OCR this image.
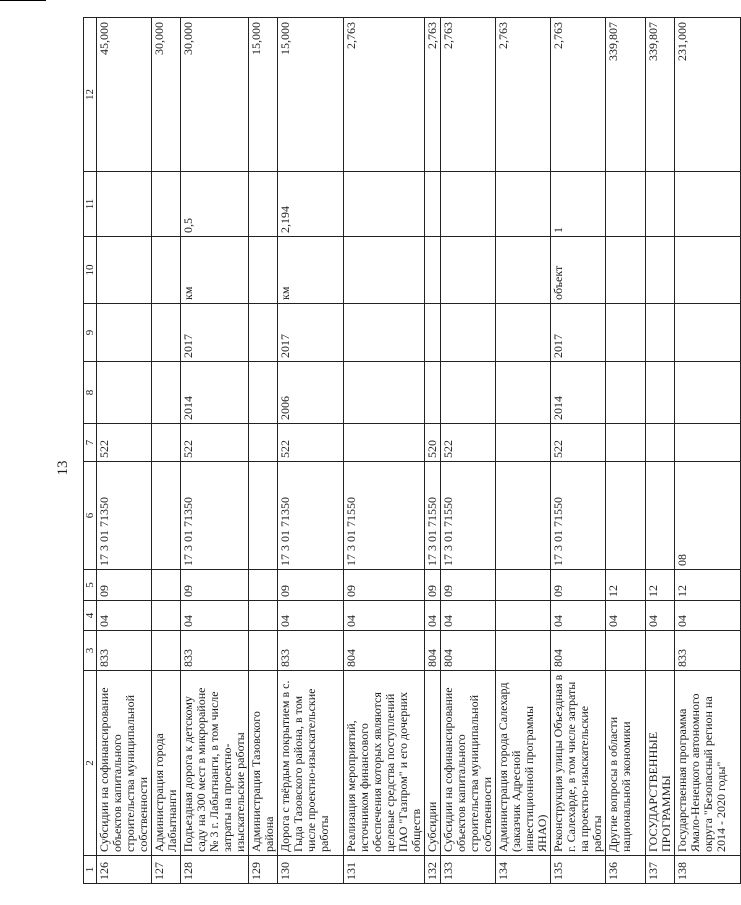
13
1	2	3	4	5	6	7	8	9	10	11	12
126	Субсидии на софинансирование объектов капитального строительства муниципальной собственности	833	04	09	17 3 01 71350	522					45,000
127	Администрация города Лабытнанги										30,000
128	Подъездная дорога к детскому саду на 300 мест в микрорайоне № 3 г. Лабытнанги, в том числе затраты на проектно-изыскательские работы	833	04	09	17 3 01 71350	522	2014	2017	км	0,5	30,000
129	Администрация Тазовского района										15,000
130	Дорога с твёрдым покрытием в с. Гыда Тазовского района, в том числе проектно-изыскательские работы	833	04	09	17 3 01 71350	522	2006	2017	км	2,194	15,000
131	Реализация мероприятий, источником финансового обеспечения которых являются целевые средства поступлений ПАО "Газпром" и его дочерних обществ	804	04	09	17 3 01 71550						2,763
132	Субсидии	804	04	09	17 3 01 71550	520					2,763
133	Субсидии на софинансирование объектов капитального строительства муниципальной собственности	804	04	09	17 3 01 71550	522					2,763
134	Администрация города Салехард (заказчик Адресной инвестиционной программы ЯНАО)										2,763
135	Реконструкция улицы Объездная в г. Салехарде, в том числе затраты на проектно-изыскательские работы	804	04	09	17 3 01 71550	522	2014	2017	объект	1	2,763
136	Другие вопросы в области национальной экономики		04	12							339,807
137	ГОСУДАРСТВЕННЫЕ ПРОГРАММЫ		04	12							339,807
138	Государственная программа Ямало-Ненецкого автономного округа "Безопасный регион на 2014 - 2020 годы"	833	04	12	08						231,000
